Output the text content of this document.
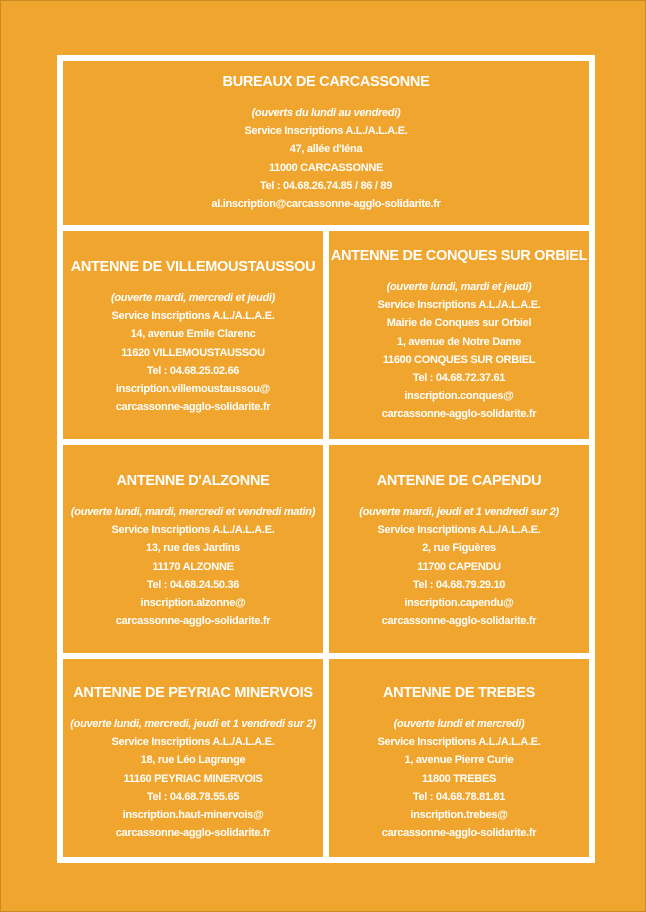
BUREAUX DE CARCASSONNE
(ouverts du lundi au vendredi)
Service Inscriptions A.L./A.L.A.E.
47, allée d'Iéna
11000 CARCASSONNE
Tel : 04.68.26.74.85 / 86 / 89
al.inscription@carcassonne-agglo-solidarite.fr
ANTENNE DE VILLEMOUSTAUSSOU
(ouverte mardi, mercredi et jeudi)
Service Inscriptions A.L./A.L.A.E.
14, avenue Emile Clarenc
11620 VILLEMOUSTAUSSOU
Tel : 04.68.25.02.66
inscription.villemoustaussou@
carcassonne-agglo-solidarite.fr
ANTENNE DE CONQUES SUR ORBIEL
(ouverte lundi, mardi et jeudi)
Service Inscriptions A.L./A.L.A.E.
Mairie de Conques sur Orbiel
1, avenue de Notre Dame
11600 CONQUES SUR ORBIEL
Tel : 04.68.72.37.61
inscription.conques@
carcassonne-agglo-solidarite.fr
ANTENNE D'ALZONNE
(ouverte lundi, mardi, mercredi et vendredi matin)
Service Inscriptions A.L./A.L.A.E.
13, rue des Jardins
11170 ALZONNE
Tel : 04.68.24.50.36
inscription.alzonne@
carcassonne-agglo-solidarite.fr
ANTENNE DE CAPENDU
(ouverte mardi, jeudi et 1 vendredi sur 2)
Service Inscriptions A.L./A.L.A.E.
2, rue Figuères
11700 CAPENDU
Tel : 04.68.79.29.10
inscription.capendu@
carcassonne-agglo-solidarite.fr
ANTENNE DE PEYRIAC MINERVOIS
(ouverte lundi, mercredi, jeudi et 1 vendredi sur 2)
Service Inscriptions A.L./A.L.A.E.
18, rue Léo Lagrange
11160 PEYRIAC MINERVOIS
Tel : 04.68.78.55.65
inscription.haut-minervois@
carcassonne-agglo-solidarite.fr
ANTENNE DE TREBES
(ouverte lundi et mercredi)
Service Inscriptions A.L./A.L.A.E.
1, avenue Pierre Curie
11800 TREBES
Tel : 04.68.78.81.81
inscription.trebes@
carcassonne-agglo-solidarite.fr
